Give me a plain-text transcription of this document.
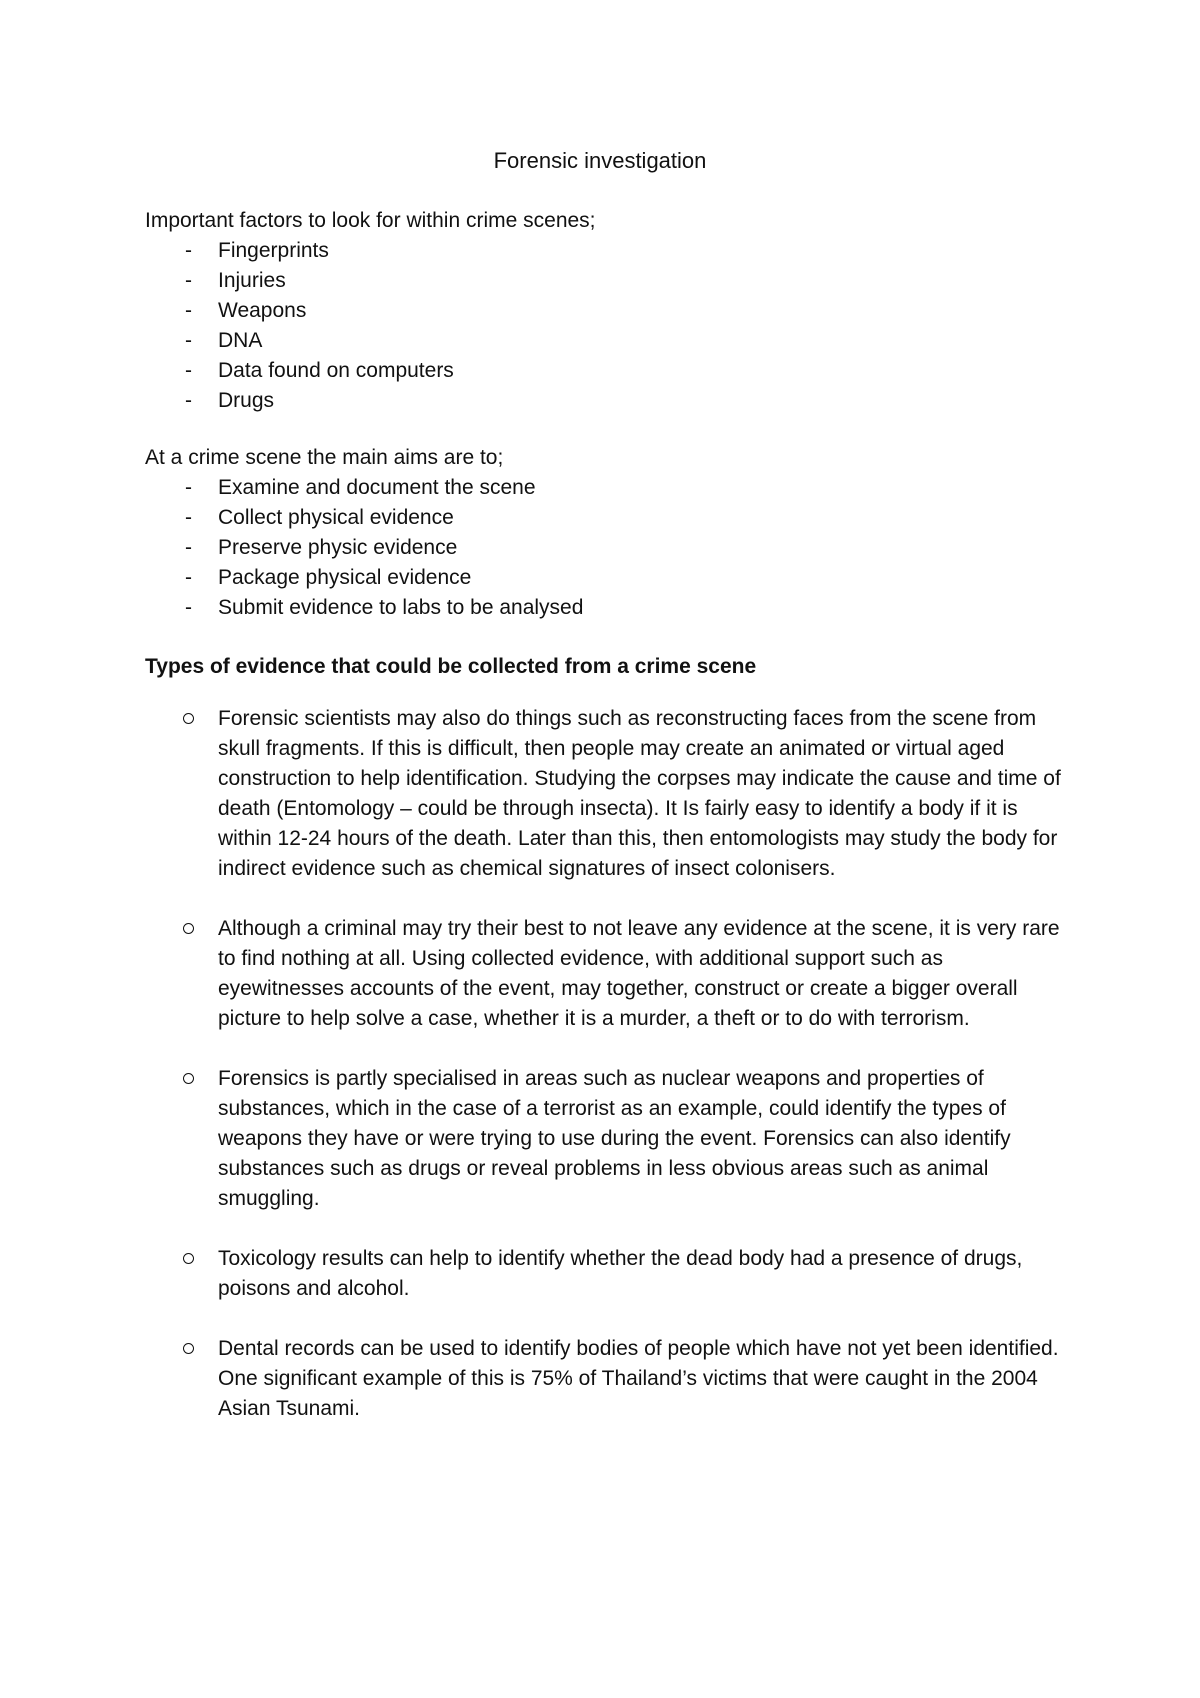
Forensic investigation

Important factors to look for within crime scenes;

- Fingerprints
- Injuries
- Weapons
- DNA
- Data found on computers
- Drugs

At a crime scene the main aims are to;

- Examine and document the scene
- Collect physical evidence
- Preserve physic evidence
- Package physical evidence
- Submit evidence to labs to be analysed

Types of evidence that could be collected from a crime scene

Forensic scientists may also do things such as reconstructing faces from the scene from skull fragments. If this is difficult, then people may create an animated or virtual aged construction to help identification. Studying the corpses may indicate the cause and time of death (Entomology – could be through insecta). It Is fairly easy to identify a body if it is within 12-24 hours of the death. Later than this, then entomologists may study the body for indirect evidence such as chemical signatures of insect colonisers.
Although a criminal may try their best to not leave any evidence at the scene, it is very rare to find nothing at all. Using collected evidence, with additional support such as eyewitnesses accounts of the event, may together, construct or create a bigger overall picture to help solve a case, whether it is a murder, a theft or to do with terrorism.
Forensics is partly specialised in areas such as nuclear weapons and properties of substances, which in the case of a terrorist as an example, could identify the types of weapons they have or were trying to use during the event. Forensics can also identify substances such as drugs or reveal problems in less obvious areas such as animal smuggling.
Toxicology results can help to identify whether the dead body had a presence of drugs, poisons and alcohol.
Dental records can be used to identify bodies of people which have not yet been identified. One significant example of this is 75% of Thailand’s victims that were caught in the 2004 Asian Tsunami.
